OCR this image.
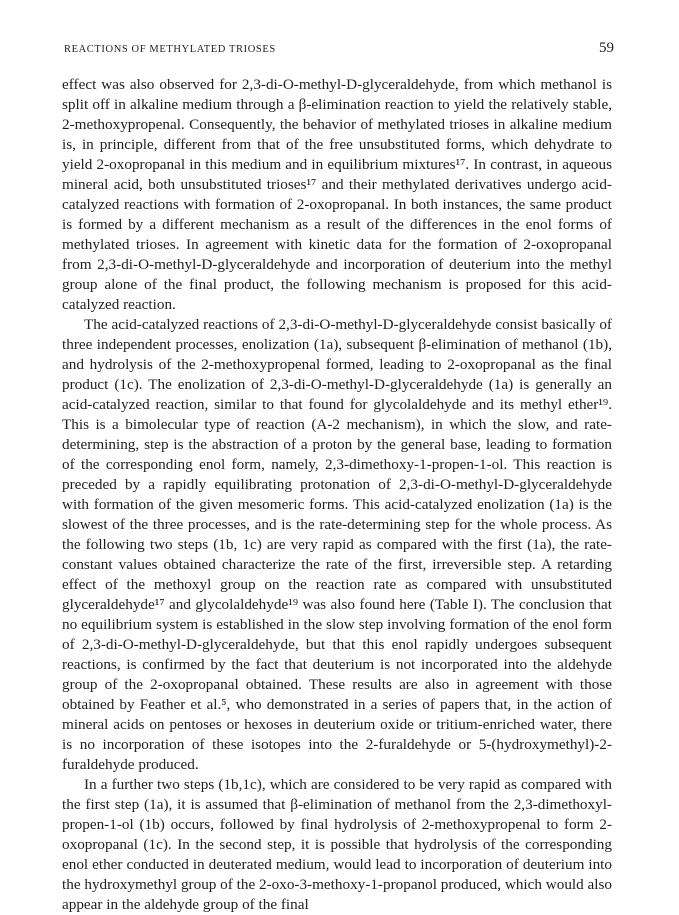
REACTIONS OF METHYLATED TRIOSES	59

effect was also observed for 2,3-di-O-methyl-D-glyceraldehyde, from which methanol is split off in alkaline medium through a β-elimination reaction to yield the relatively stable, 2-methoxypropenal. Consequently, the behavior of methylated trioses in alkaline medium is, in principle, different from that of the free unsubstituted forms, which dehydrate to yield 2-oxopropanal in this medium and in equilibrium mixtures¹⁷. In contrast, in aqueous mineral acid, both unsubstituted trioses¹⁷ and their methylated derivatives undergo acid-catalyzed reactions with formation of 2-oxopropanal. In both instances, the same product is formed by a different mechanism as a result of the differences in the enol forms of methylated trioses. In agreement with kinetic data for the formation of 2-oxopropanal from 2,3-di-O-methyl-D-glyceraldehyde and incorporation of deuterium into the methyl group alone of the final product, the following mechanism is proposed for this acid-catalyzed reaction.

The acid-catalyzed reactions of 2,3-di-O-methyl-D-glyceraldehyde consist basically of three independent processes, enolization (1a), subsequent β-elimination of methanol (1b), and hydrolysis of the 2-methoxypropenal formed, leading to 2-oxopropanal as the final product (1c). The enolization of 2,3-di-O-methyl-D-glyceraldehyde (1a) is generally an acid-catalyzed reaction, similar to that found for glycolaldehyde and its methyl ether¹⁹. This is a bimolecular type of reaction (A-2 mechanism), in which the slow, and rate-determining, step is the abstraction of a proton by the general base, leading to formation of the corresponding enol form, namely, 2,3-dimethoxy-1-propen-1-ol. This reaction is preceded by a rapidly equilibrating protonation of 2,3-di-O-methyl-D-glyceraldehyde with formation of the given mesomeric forms. This acid-catalyzed enolization (1a) is the slowest of the three processes, and is the rate-determining step for the whole process. As the following two steps (1b, 1c) are very rapid as compared with the first (1a), the rate-constant values obtained characterize the rate of the first, irreversible step. A retarding effect of the methoxyl group on the reaction rate as compared with unsubstituted glyceraldehyde¹⁷ and glycolaldehyde¹⁹ was also found here (Table I). The conclusion that no equilibrium system is established in the slow step involving formation of the enol form of 2,3-di-O-methyl-D-glyceraldehyde, but that this enol rapidly undergoes subsequent reactions, is confirmed by the fact that deuterium is not incorporated into the aldehyde group of the 2-oxopropanal obtained. These results are also in agreement with those obtained by Feather et al.⁵, who demonstrated in a series of papers that, in the action of mineral acids on pentoses or hexoses in deuterium oxide or tritium-enriched water, there is no incorporation of these isotopes into the 2-furaldehyde or 5-(hydroxymethyl)-2-furaldehyde produced.

In a further two steps (1b,1c), which are considered to be very rapid as compared with the first step (1a), it is assumed that β-elimination of methanol from the 2,3-dimethoxyl-propen-1-ol (1b) occurs, followed by final hydrolysis of 2-methoxypropenal to form 2-oxopropanal (1c). In the second step, it is possible that hydrolysis of the corresponding enol ether conducted in deuterated medium, would lead to incorporation of deuterium into the hydroxymethyl group of the 2-oxo-3-methoxy-1-propanol produced, which would also appear in the aldehyde group of the final
